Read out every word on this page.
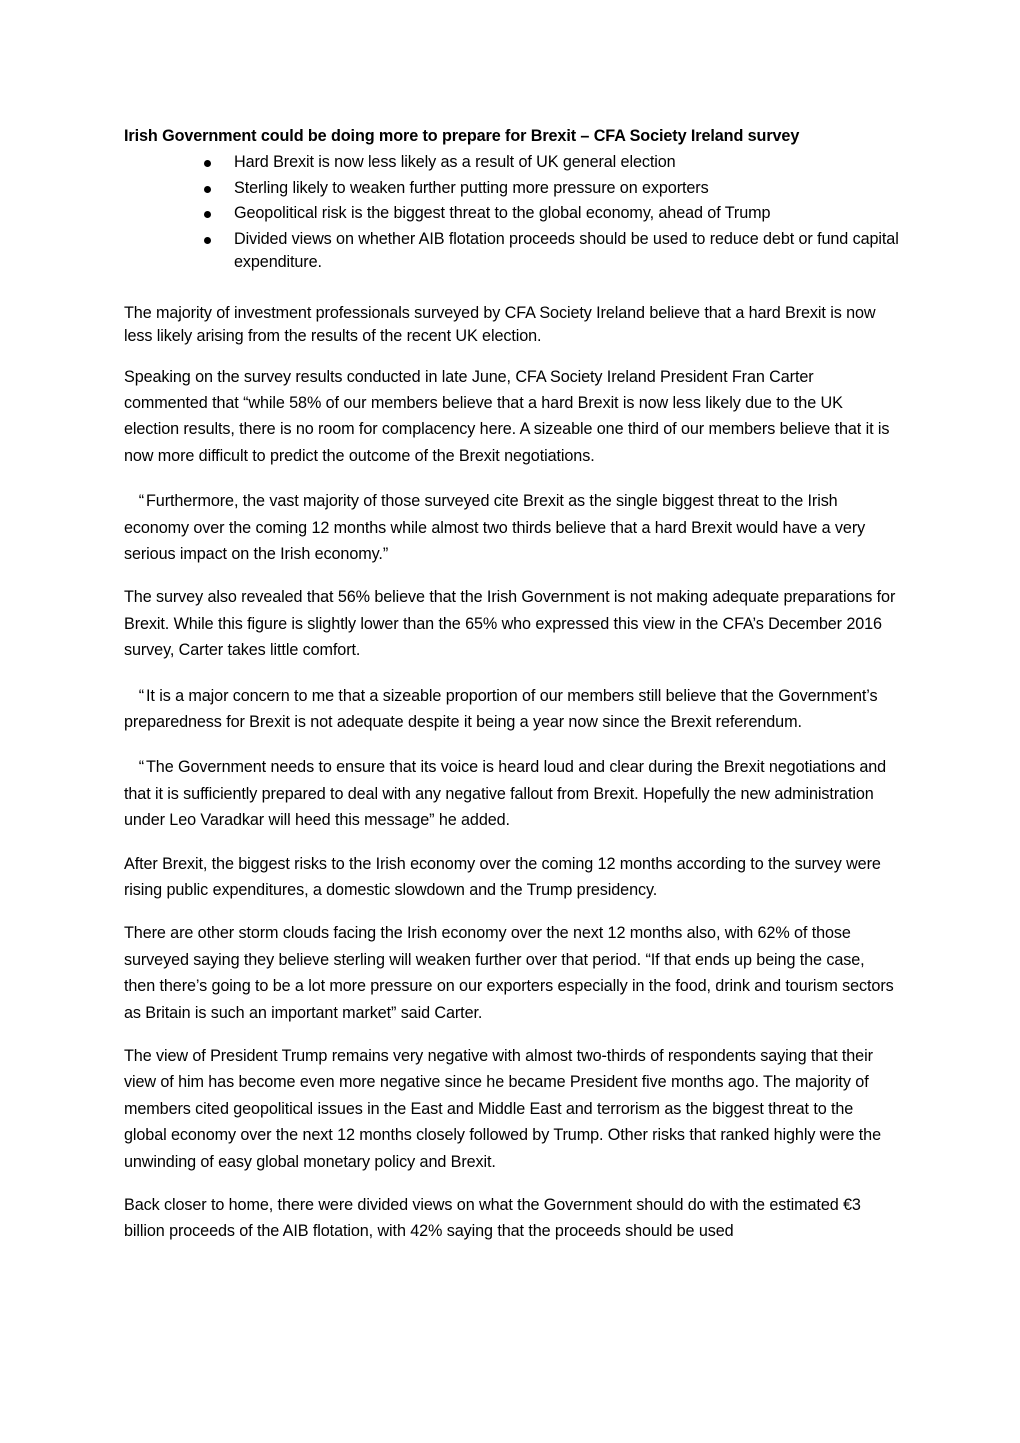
Irish Government could be doing more to prepare for Brexit – CFA Society Ireland survey
Hard Brexit is now less likely as a result of UK general election
Sterling likely to weaken further putting more pressure on exporters
Geopolitical risk is the biggest threat to the global economy, ahead of Trump
Divided views on whether AIB flotation proceeds should be used to reduce debt or fund capital expenditure.

The majority of investment professionals surveyed by CFA Society Ireland believe that a hard Brexit is now less likely arising from the results of the recent UK election.

Speaking on the survey results conducted in late June, CFA Society Ireland President Fran Carter commented that “while 58% of our members believe that a hard Brexit is now less likely due to the UK election results, there is no room for complacency here. A sizeable one third of our members believe that it is now more difficult to predict the outcome of the Brexit negotiations.

“ Furthermore, the vast majority of those surveyed cite Brexit as the single biggest threat to the Irish economy over the coming 12 months while almost two thirds believe that a hard Brexit would have a very serious impact on the Irish economy.”

The survey also revealed that 56% believe that the Irish Government is not making adequate preparations for Brexit. While this figure is slightly lower than the 65% who expressed this view in the CFA’s December 2016 survey, Carter takes little comfort.

“ It is a major concern to me that a sizeable proportion of our members still believe that the Government’s preparedness for Brexit is not adequate despite it being a year now since the Brexit referendum.

“ The Government needs to ensure that its voice is heard loud and clear during the Brexit negotiations and that it is sufficiently prepared to deal with any negative fallout from Brexit. Hopefully the new administration under Leo Varadkar will heed this message” he added.

After Brexit, the biggest risks to the Irish economy over the coming 12 months according to the survey were rising public expenditures, a domestic slowdown and the Trump presidency.

There are other storm clouds facing the Irish economy over the next 12 months also, with 62% of those surveyed saying they believe sterling will weaken further over that period. “If that ends up being the case, then there’s going to be a lot more pressure on our exporters especially in the food, drink and tourism sectors as Britain is such an important market” said Carter.

The view of President Trump remains very negative with almost two-thirds of respondents saying that their view of him has become even more negative since he became President five months ago. The majority of members cited geopolitical issues in the East and Middle East and terrorism as the biggest threat to the global economy over the next 12 months closely followed by Trump. Other risks that ranked highly were the unwinding of easy global monetary policy and Brexit.

Back closer to home, there were divided views on what the Government should do with the estimated €3 billion proceeds of the AIB flotation, with 42% saying that the proceeds should be used
